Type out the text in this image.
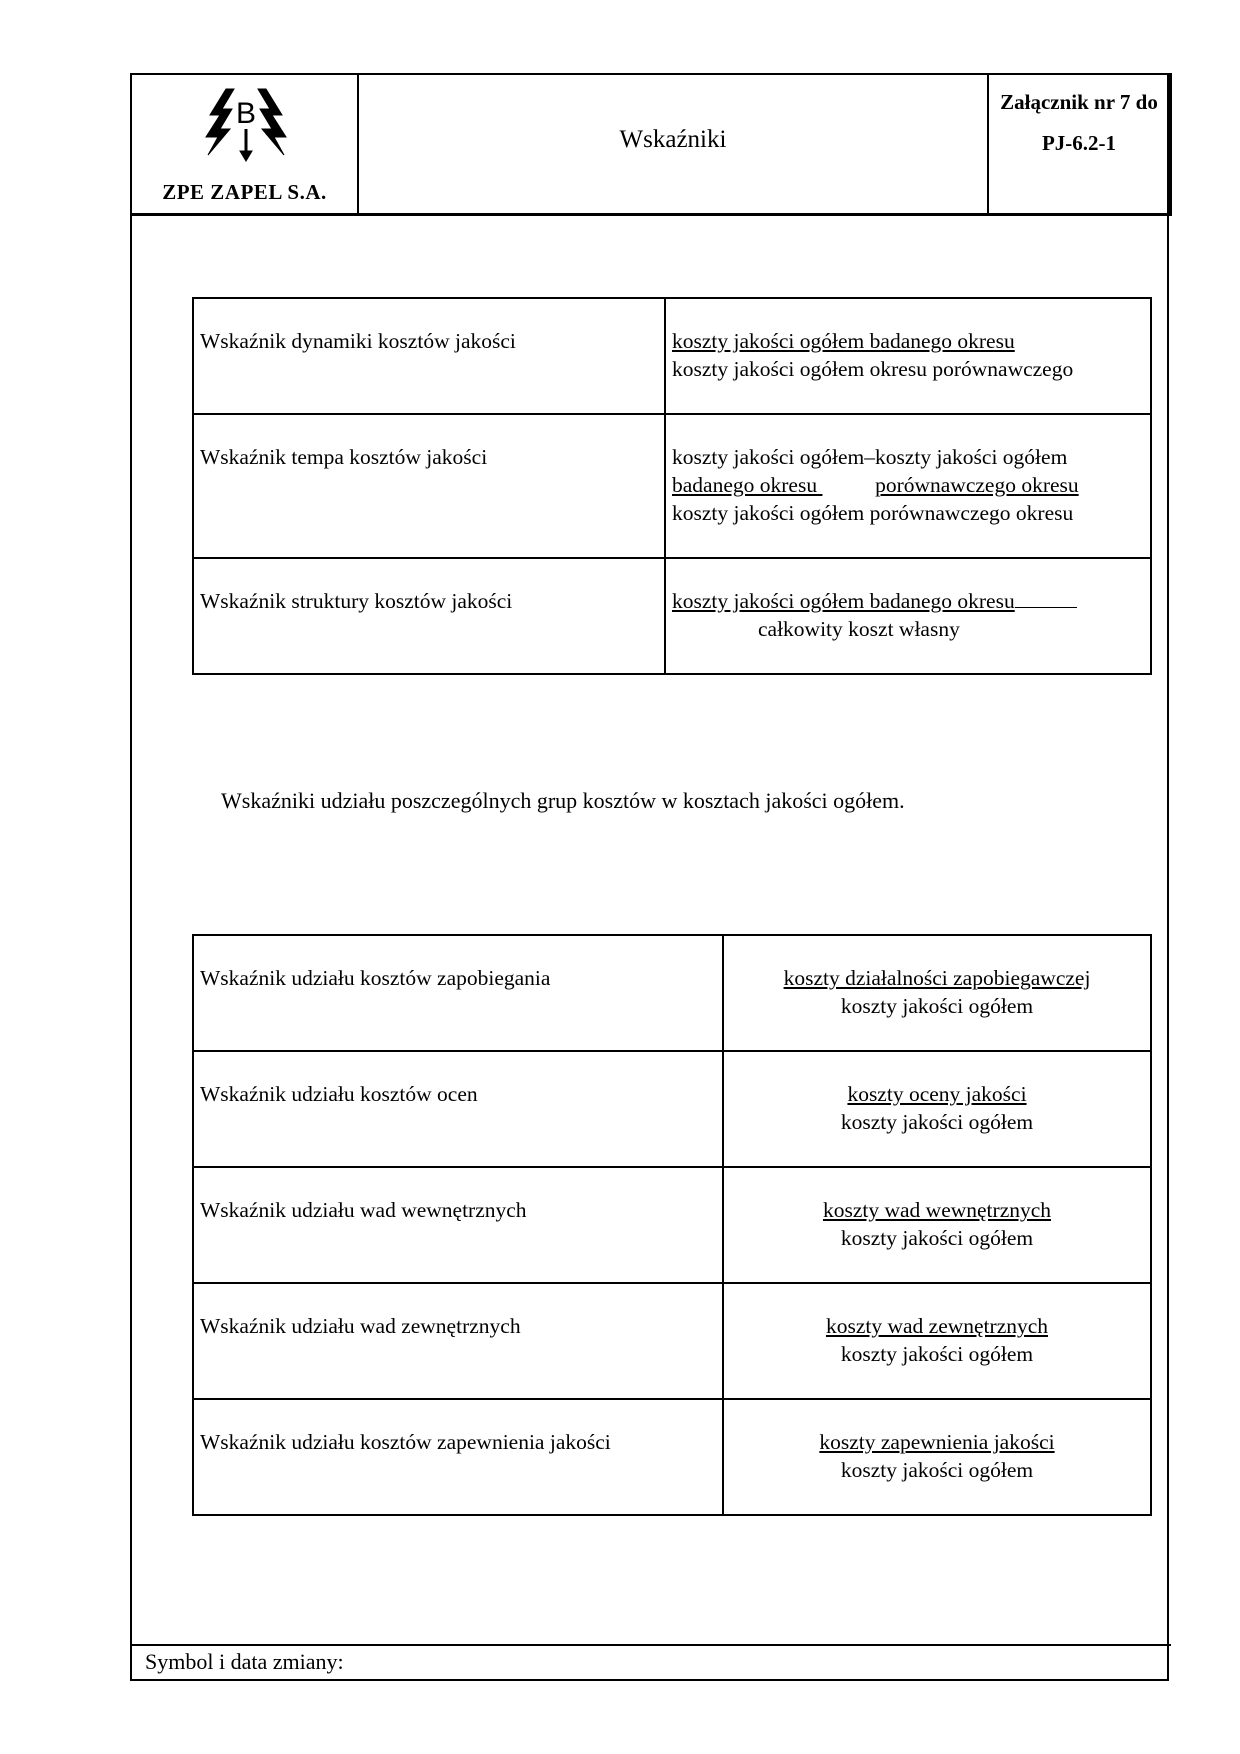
B
ZPE ZAPEL S.A.
Wskaźniki
Załącznik nr 7 do
PJ-6.2-1
Wskaźnik dynamiki kosztów jakości	koszty jakości ogółem badanego okresu
koszty jakości ogółem okresu porównawczego

Wskaźnik tempa kosztów jakości	koszty jakości ogółem–koszty jakości ogółem
badanego okresu porównawczego okresu
koszty jakości ogółem porównawczego okresu

Wskaźnik struktury kosztów jakości	koszty jakości ogółem badanego okresu
całkowity koszt własny
Wskaźniki udziału poszczególnych grup kosztów w kosztach jakości ogółem.
Wskaźnik udziału kosztów zapobiegania	koszty działalności zapobiegawczej
koszty jakości ogółem

Wskaźnik udziału kosztów ocen	koszty oceny jakości
koszty jakości ogółem

Wskaźnik udziału wad wewnętrznych	koszty wad wewnętrznych
koszty jakości ogółem

Wskaźnik udziału wad zewnętrznych	koszty wad zewnętrznych
koszty jakości ogółem

Wskaźnik udziału kosztów zapewnienia jakości	koszty zapewnienia jakości
koszty jakości ogółem
Symbol i data zmiany:
